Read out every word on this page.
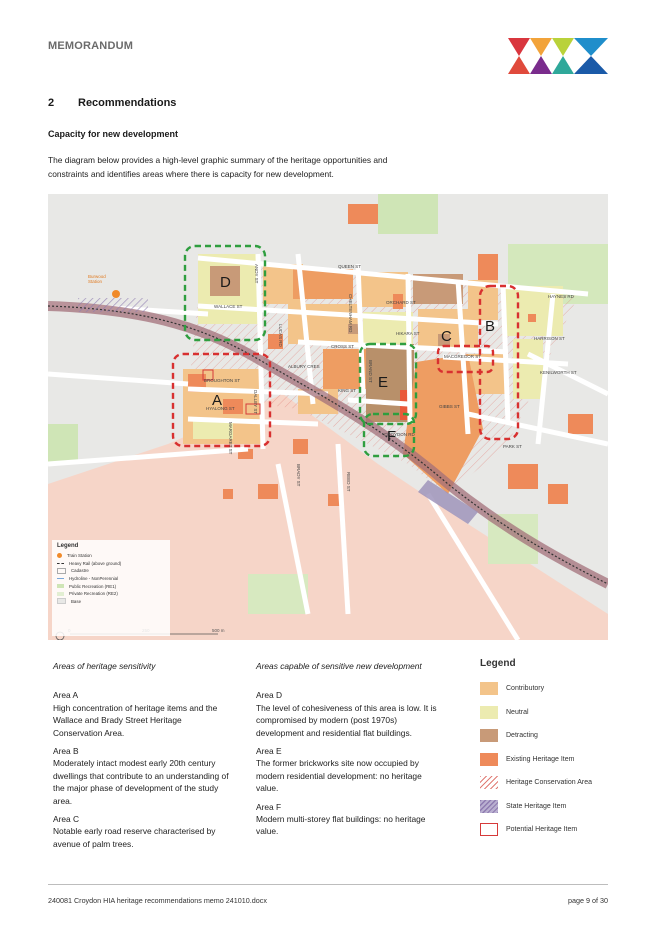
MEMORANDUM
2 Recommendations
Capacity for new development
The diagram below provides a high-level graphic summary of the heritage opportunities and
constraints and identifies areas where there is capacity for new development.
D
B
C
E
A
F
QUEEN ST
ORCHARD ST
HIKARA ST
CROSS ST
KING ST
WALLACE ST
BROUGHTON ST
HYALONG ST
MACGREGOR ST
GIBBS ST
CROYDON RD
BRADY ST	REED ST
LUCAS RD
CHELTENHAM RD
BRAND ST
HARRISON ST
KENILWORTH ST
ALBURY CRES
ANDY ST
DALLEY ST
MARGARET ST	PARK ST
HAYNES RD
Burwood Station
500 m
Legend
Train Station
Heavy Rail (above ground)
Cadastre
Hydroline - NonPerennial
Public Recreation (RE1)
Private Recreation (RE2)
Base
Areas of heritage sensitivity
Area A
High concentration of heritage items and the
Wallace and Brady Street Heritage
Conservation Area.
Area B
Moderately intact modest early 20th century
dwellings that contribute to an understanding of
the major phase of development of the study
area.
Area C
Notable early road reserve characterised by
avenue of palm trees.
Areas capable of sensitive new development
Area D
The level of cohesiveness of this area is low. It is
compromised by modern (post 1970s)
development and residential flat buildings.
Area E
The former brickworks site now occupied by
modern residential development: no heritage
value.
Area F
Modern multi-storey flat buildings: no heritage
value.
Legend
Contributory
Neutral
Detracting
Existing Heritage Item
Heritage Conservation Area
State Heritage Item
Potential Heritage Item
240081 Croydon HIA heritage recommendations memo 241010.docx	page 9 of 30
